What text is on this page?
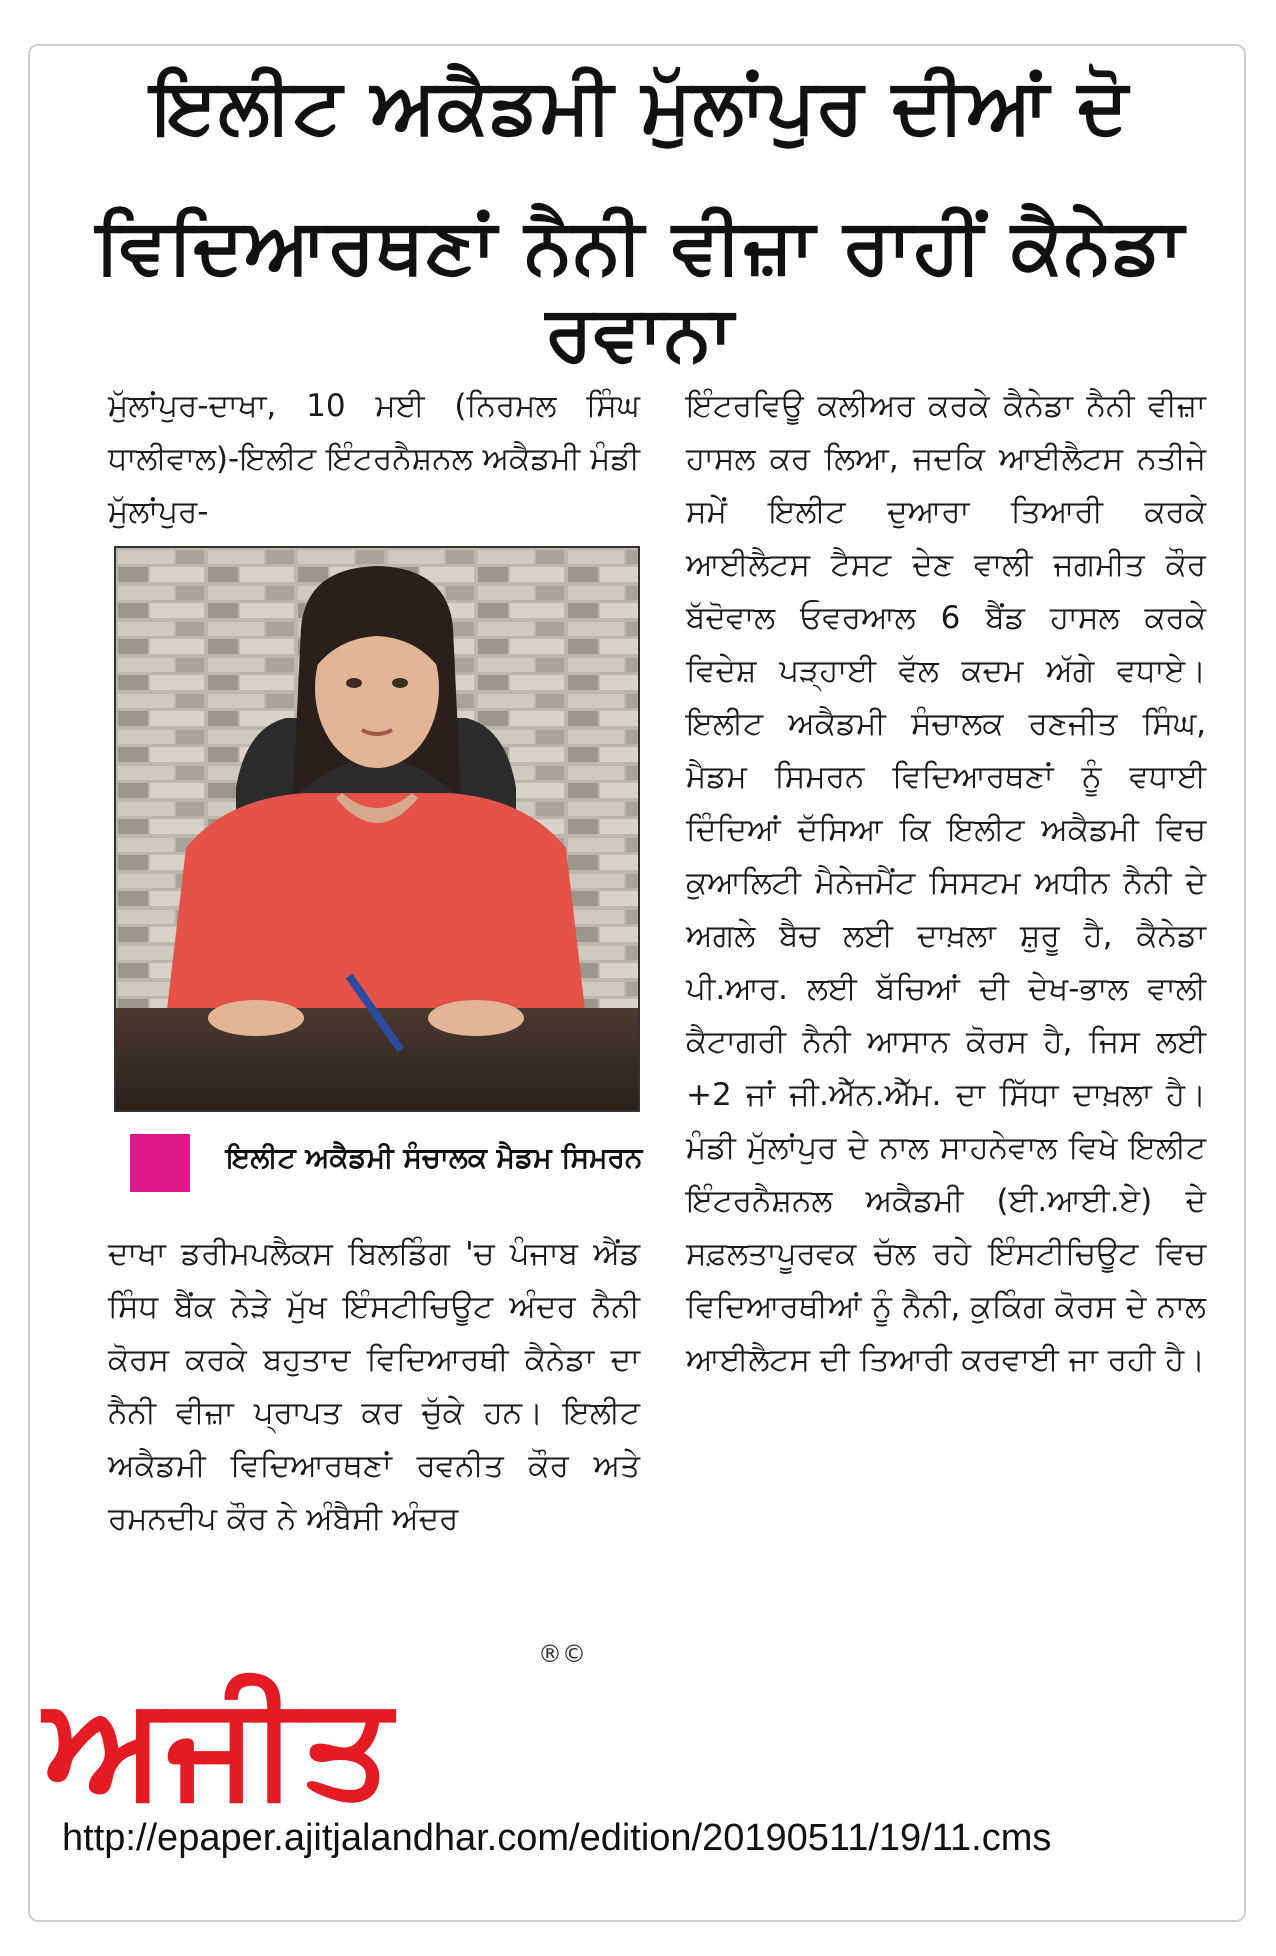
ਇਲੀਟ ਅਕੈਡਮੀ ਮੁੱਲਾਂਪੁਰ ਦੀਆਂ ਦੋ
ਵਿਦਿਆਰਥਣਾਂ ਨੈਨੀ ਵੀਜ਼ਾ ਰਾਹੀਂ ਕੈਨੇਡਾ ਰਵਾਨਾ

ਮੁੱਲਾਂਪੁਰ-ਦਾਖਾ, 10 ਮਈ (ਨਿਰਮਲ ਸਿੰਘ ਧਾਲੀਵਾਲ)-ਇਲੀਟ ਇੰਟਰਨੈਸ਼ਨਲ ਅਕੈਡਮੀ ਮੰਡੀ ਮੁੱਲਾਂਪੁਰ-

ਇਲੀਟ ਅਕੈਡਮੀ ਸੰਚਾਲਕ ਮੈਡਮ ਸਿਮਰਨ

ਦਾਖਾ ਡਰੀਮਪਲੈਕਸ ਬਿਲਡਿੰਗ 'ਚ ਪੰਜਾਬ ਐਂਡ ਸਿੰਧ ਬੈਂਕ ਨੇੜੇ ਮੁੱਖ ਇੰਸਟੀਚਿਊਟ ਅੰਦਰ ਨੈਨੀ ਕੋਰਸ ਕਰਕੇ ਬਹੁਤਾਦ ਵਿਦਿਆਰਥੀ ਕੈਨੇਡਾ ਦਾ ਨੈਨੀ ਵੀਜ਼ਾ ਪ੍ਰਾਪਤ ਕਰ ਚੁੱਕੇ ਹਨ। ਇਲੀਟ ਅਕੈਡਮੀ ਵਿਦਿਆਰਥਣਾਂ ਰਵਨੀਤ ਕੌਰ ਅਤੇ ਰਮਨਦੀਪ ਕੌਰ ਨੇ ਅੰਬੈਸੀ ਅੰਦਰ

ਇੰਟਰਵਿਊ ਕਲੀਅਰ ਕਰਕੇ ਕੈਨੇਡਾ ਨੈਨੀ ਵੀਜ਼ਾ ਹਾਸਲ ਕਰ ਲਿਆ, ਜਦਕਿ ਆਈਲੈਟਸ ਨਤੀਜੇ ਸਮੇਂ ਇਲੀਟ ਦੁਆਰਾ ਤਿਆਰੀ ਕਰਕੇ ਆਈਲੈਟਸ ਟੈਸਟ ਦੇਣ ਵਾਲੀ ਜਗਮੀਤ ਕੌਰ ਬੱਦੋਵਾਲ ਓਵਰਆਲ 6 ਬੈਂਡ ਹਾਸਲ ਕਰਕੇ ਵਿਦੇਸ਼ ਪੜ੍ਹਾਈ ਵੱਲ ਕਦਮ ਅੱਗੇ ਵਧਾਏ। ਇਲੀਟ ਅਕੈਡਮੀ ਸੰਚਾਲਕ ਰਣਜੀਤ ਸਿੰਘ, ਮੈਡਮ ਸਿਮਰਨ ਵਿਦਿਆਰਥਣਾਂ ਨੂੰ ਵਧਾਈ ਦਿੰਦਿਆਂ ਦੱਸਿਆ ਕਿ ਇਲੀਟ ਅਕੈਡਮੀ ਵਿਚ ਕੁਆਲਿਟੀ ਮੈਨੇਜਮੈਂਟ ਸਿਸਟਮ ਅਧੀਨ ਨੈਨੀ ਦੇ ਅਗਲੇ ਬੈਚ ਲਈ ਦਾਖ਼ਲਾ ਸ਼ੁਰੂ ਹੈ, ਕੈਨੇਡਾ ਪੀ.ਆਰ. ਲਈ ਬੱਚਿਆਂ ਦੀ ਦੇਖ-ਭਾਲ ਵਾਲੀ ਕੈਟਾਗਰੀ ਨੈਨੀ ਆਸਾਨ ਕੋਰਸ ਹੈ, ਜਿਸ ਲਈ +2 ਜਾਂ ਜੀ.ਐੱਨ.ਐੱਮ. ਦਾ ਸਿੱਧਾ ਦਾਖ਼ਲਾ ਹੈ। ਮੰਡੀ ਮੁੱਲਾਂਪੁਰ ਦੇ ਨਾਲ ਸਾਹਨੇਵਾਲ ਵਿਖੇ ਇਲੀਟ ਇੰਟਰਨੈਸ਼ਨਲ ਅਕੈਡਮੀ (ਈ.ਆਈ.ਏ) ਦੇ ਸਫ਼ਲਤਾਪੂਰਵਕ ਚੱਲ ਰਹੇ ਇੰਸਟੀਚਿਊਟ ਵਿਚ ਵਿਦਿਆਰਥੀਆਂ ਨੂੰ ਨੈਨੀ, ਕੁਕਿੰਗ ਕੋਰਸ ਦੇ ਨਾਲ ਆਈਲੈਟਸ ਦੀ ਤਿਆਰੀ ਕਰਵਾਈ ਜਾ ਰਹੀ ਹੈ।

ਅਜੀਤ
®©
http://epaper.ajitjalandhar.com/edition/20190511/19/11.cms
